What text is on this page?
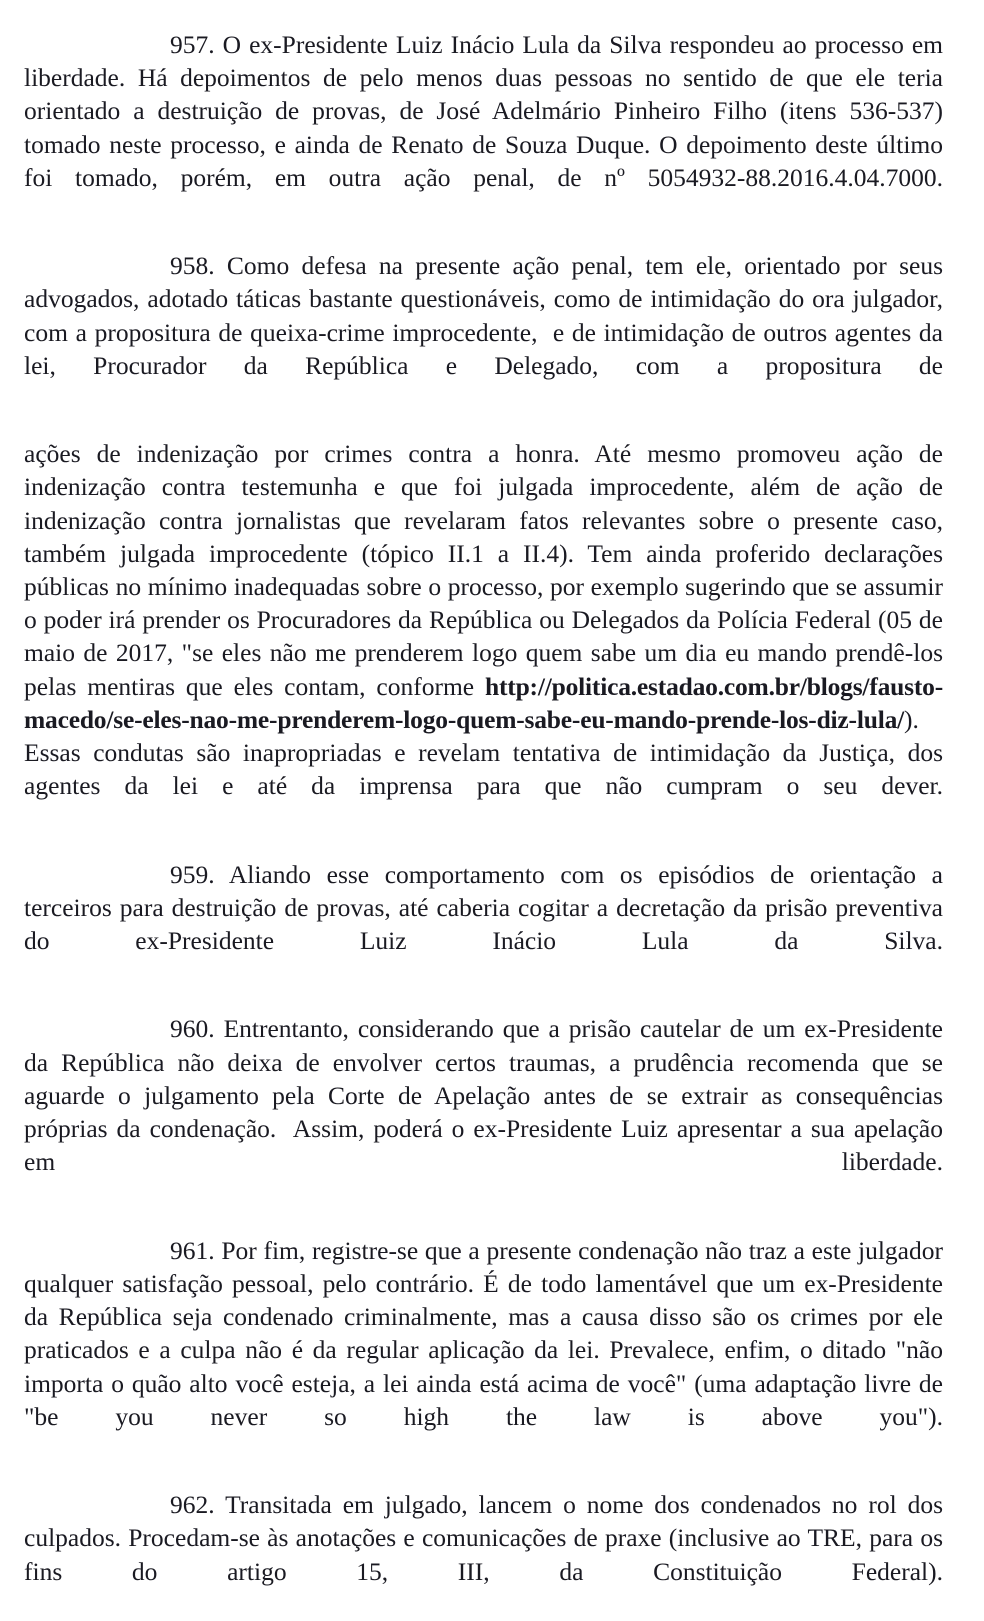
957. O ex-Presidente Luiz Inácio Lula da Silva respondeu ao processo em liberdade. Há depoimentos de pelo menos duas pessoas no sentido de que ele teria orientado a destruição de provas, de José Adelmário Pinheiro Filho (itens 536-537) tomado neste processo, e ainda de Renato de Souza Duque. O depoimento deste último foi tomado, porém, em outra ação penal, de nº 5054932-88.2016.4.04.7000.

958. Como defesa na presente ação penal, tem ele, orientado por seus advogados, adotado táticas bastante questionáveis, como de intimidação do ora julgador, com a propositura de queixa-crime improcedente,  e de intimidação de outros agentes da lei, Procurador da República e Delegado, com a propositura de

ações de indenização por crimes contra a honra. Até mesmo promoveu ação de indenização contra testemunha e que foi julgada improcedente, além de ação de indenização contra jornalistas que revelaram fatos relevantes sobre o presente caso, também julgada improcedente (tópico II.1 a II.4). Tem ainda proferido declarações públicas no mínimo inadequadas sobre o processo, por exemplo sugerindo que se assumir o poder irá prender os Procuradores da República ou Delegados da Polícia Federal (05 de maio de 2017, "se eles não me prenderem logo quem sabe um dia eu mando prendê-los pelas mentiras que eles contam, conforme http://politica.estadao.com.br/blogs/fausto-macedo/se-eles-nao-me-prenderem-logo-quem-sabe-eu-mando-prende-los-diz-lula/). Essas condutas são inapropriadas e revelam tentativa de intimidação da Justiça, dos agentes da lei e até da imprensa para que não cumpram o seu dever.

959. Aliando esse comportamento com os episódios de orientação a terceiros para destruição de provas, até caberia cogitar a decretação da prisão preventiva do ex-Presidente Luiz Inácio Lula da Silva.

960. Entrentanto, considerando que a prisão cautelar de um ex-Presidente da República não deixa de envolver certos traumas, a prudência recomenda que se aguarde o julgamento pela Corte de Apelação antes de se extrair as consequências próprias da condenação.  Assim, poderá o ex-Presidente Luiz apresentar a sua apelação em liberdade.

961. Por fim, registre-se que a presente condenação não traz a este julgador qualquer satisfação pessoal, pelo contrário. É de todo lamentável que um ex-Presidente da República seja condenado criminalmente, mas a causa disso são os crimes por ele praticados e a culpa não é da regular aplicação da lei. Prevalece, enfim, o ditado "não importa o quão alto você esteja, a lei ainda está acima de você" (uma adaptação livre de "be you never so high the law is above you").

962. Transitada em julgado, lancem o nome dos condenados no rol dos culpados. Procedam-se às anotações e comunicações de praxe (inclusive ao TRE, para os fins do artigo 15, III, da Constituição Federal).
